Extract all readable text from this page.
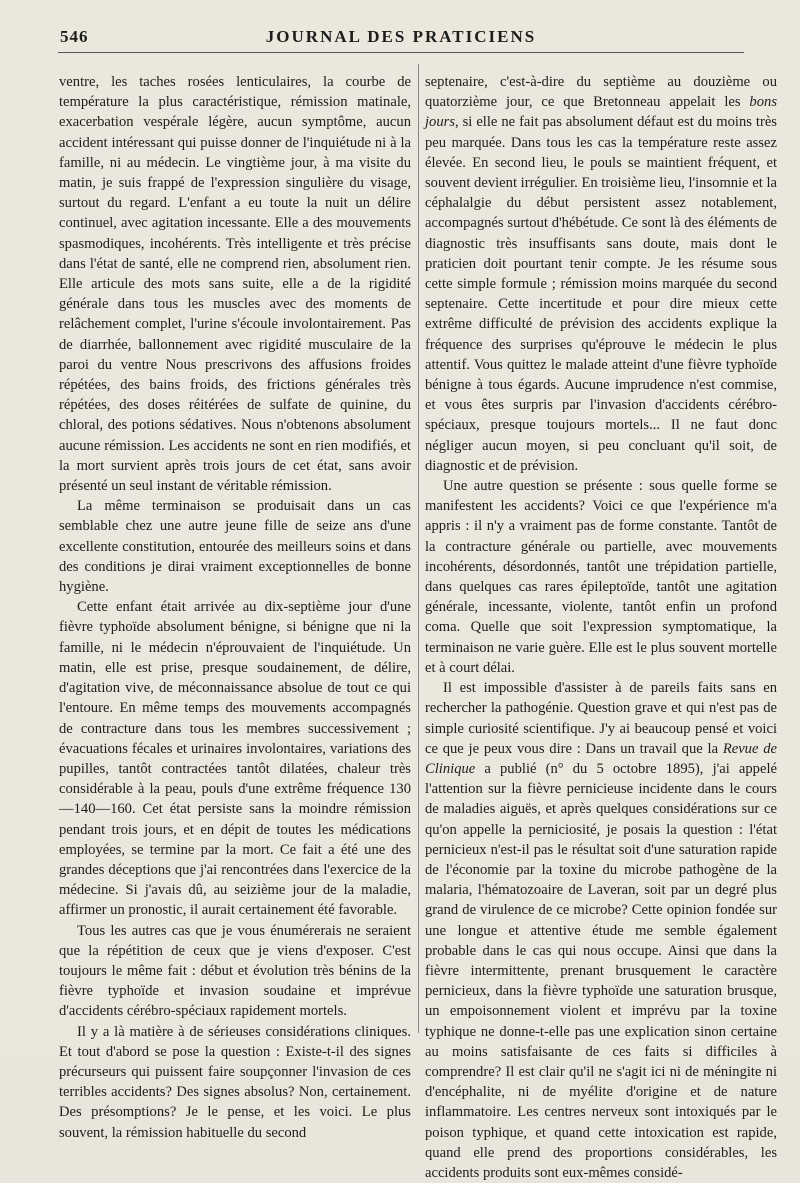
546	JOURNAL DES PRATICIENS

ventre, les taches rosées lenticulaires, la courbe de température la plus caractéristique, rémission matinale, exacerbation vespérale légère, aucun symptôme, aucun accident intéressant qui puisse donner de l'inquiétude ni à la famille, ni au médecin. Le vingtième jour, à ma visite du matin, je suis frappé de l'expression singulière du visage, surtout du regard. L'enfant a eu toute la nuit un délire continuel, avec agitation incessante. Elle a des mouvements spasmodiques, incohérents. Très intelligente et très précise dans l'état de santé, elle ne comprend rien, absolument rien. Elle articule des mots sans suite, elle a de la rigidité générale dans tous les muscles avec des moments de relâchement complet, l'urine s'écoule involontairement. Pas de diarrhée, ballonnement avec rigidité musculaire de la paroi du ventre Nous prescrivons des affusions froides répétées, des bains froids, des frictions générales très répétées, des doses réitérées de sulfate de quinine, du chloral, des potions sédatives. Nous n'obtenons absolument aucune rémission. Les accidents ne sont en rien modifiés, et la mort survient après trois jours de cet état, sans avoir présenté un seul instant de véritable rémission.

La même terminaison se produisait dans un cas semblable chez une autre jeune fille de seize ans d'une excellente constitution, entourée des meilleurs soins et dans des conditions je dirai vraiment exceptionnelles de bonne hygiène.

Cette enfant était arrivée au dix-septième jour d'une fièvre typhoïde absolument bénigne, si bénigne que ni la famille, ni le médecin n'éprouvaient de l'inquiétude. Un matin, elle est prise, presque soudainement, de délire, d'agitation vive, de méconnaissance absolue de tout ce qui l'entoure. En même temps des mouvements accompagnés de contracture dans tous les membres successivement ; évacuations fécales et urinaires involontaires, variations des pupilles, tantôt contractées tantôt dilatées, chaleur très considérable à la peau, pouls d'une extrême fréquence 130—140—160. Cet état persiste sans la moindre rémission pendant trois jours, et en dépit de toutes les médications employées, se termine par la mort. Ce fait a été une des grandes déceptions que j'ai rencontrées dans l'exercice de la médecine. Si j'avais dû, au seizième jour de la maladie, affirmer un pronostic, il aurait certainement été favorable.

Tous les autres cas que je vous énumérerais ne seraient que la répétition de ceux que je viens d'exposer. C'est toujours le même fait : début et évolution très bénins de la fièvre typhoïde et invasion soudaine et imprévue d'accidents cérébro-spéciaux rapidement mortels.

Il y a là matière à de sérieuses considérations cliniques. Et tout d'abord se pose la question : Existe-t-il des signes précurseurs qui puissent faire soupçonner l'invasion de ces terribles accidents? Des signes absolus? Non, certainement. Des présomptions? Je le pense, et les voici. Le plus souvent, la rémission habituelle du second

septenaire, c'est-à-dire du septième au douzième ou quatorzième jour, ce que Bretonneau appelait les bons jours, si elle ne fait pas absolument défaut est du moins très peu marquée. Dans tous les cas la température reste assez élevée. En second lieu, le pouls se maintient fréquent, et souvent devient irrégulier. En troisième lieu, l'insomnie et la céphalalgie du début persistent assez notablement, accompagnés surtout d'hébétude. Ce sont là des éléments de diagnostic très insuffisants sans doute, mais dont le praticien doit pourtant tenir compte. Je les résume sous cette simple formule ; rémission moins marquée du second septenaire. Cette incertitude et pour dire mieux cette extrême difficulté de prévision des accidents explique la fréquence des surprises qu'éprouve le médecin le plus attentif. Vous quittez le malade atteint d'une fièvre typhoïde bénigne à tous égards. Aucune imprudence n'est commise, et vous êtes surpris par l'invasion d'accidents cérébro-spéciaux, presque toujours mortels... Il ne faut donc négliger aucun moyen, si peu concluant qu'il soit, de diagnostic et de prévision.

Une autre question se présente : sous quelle forme se manifestent les accidents? Voici ce que l'expérience m'a appris : il n'y a vraiment pas de forme constante. Tantôt de la contracture générale ou partielle, avec mouvements incohérents, désordonnés, tantôt une trépidation partielle, dans quelques cas rares épileptoïde, tantôt une agitation générale, incessante, violente, tantôt enfin un profond coma. Quelle que soit l'expression symptomatique, la terminaison ne varie guère. Elle est le plus souvent mortelle et à court délai.

Il est impossible d'assister à de pareils faits sans en rechercher la pathogénie. Question grave et qui n'est pas de simple curiosité scientifique. J'y ai beaucoup pensé et voici ce que je peux vous dire : Dans un travail que la Revue de Clinique a publié (n° du 5 octobre 1895), j'ai appelé l'attention sur la fièvre pernicieuse incidente dans le cours de maladies aiguës, et après quelques considérations sur ce qu'on appelle la perniciosité, je posais la question : l'état pernicieux n'est-il pas le résultat soit d'une saturation rapide de l'économie par la toxine du microbe pathogène de la malaria, l'hématozoaire de Laveran, soit par un degré plus grand de virulence de ce microbe? Cette opinion fondée sur une longue et attentive étude me semble également probable dans le cas qui nous occupe. Ainsi que dans la fièvre intermittente, prenant brusquement le caractère pernicieux, dans la fièvre typhoïde une saturation brusque, un empoisonnement violent et imprévu par la toxine typhique ne donne-t-elle pas une explication sinon certaine au moins satisfaisante de ces faits si difficiles à comprendre? Il est clair qu'il ne s'agit ici ni de méningite ni d'encéphalite, ni de myélite d'origine et de nature inflammatoire. Les centres nerveux sont intoxiqués par le poison typhique, et quand cette intoxication est rapide, quand elle prend des proportions considérables, les accidents produits sont eux-mêmes considé-
